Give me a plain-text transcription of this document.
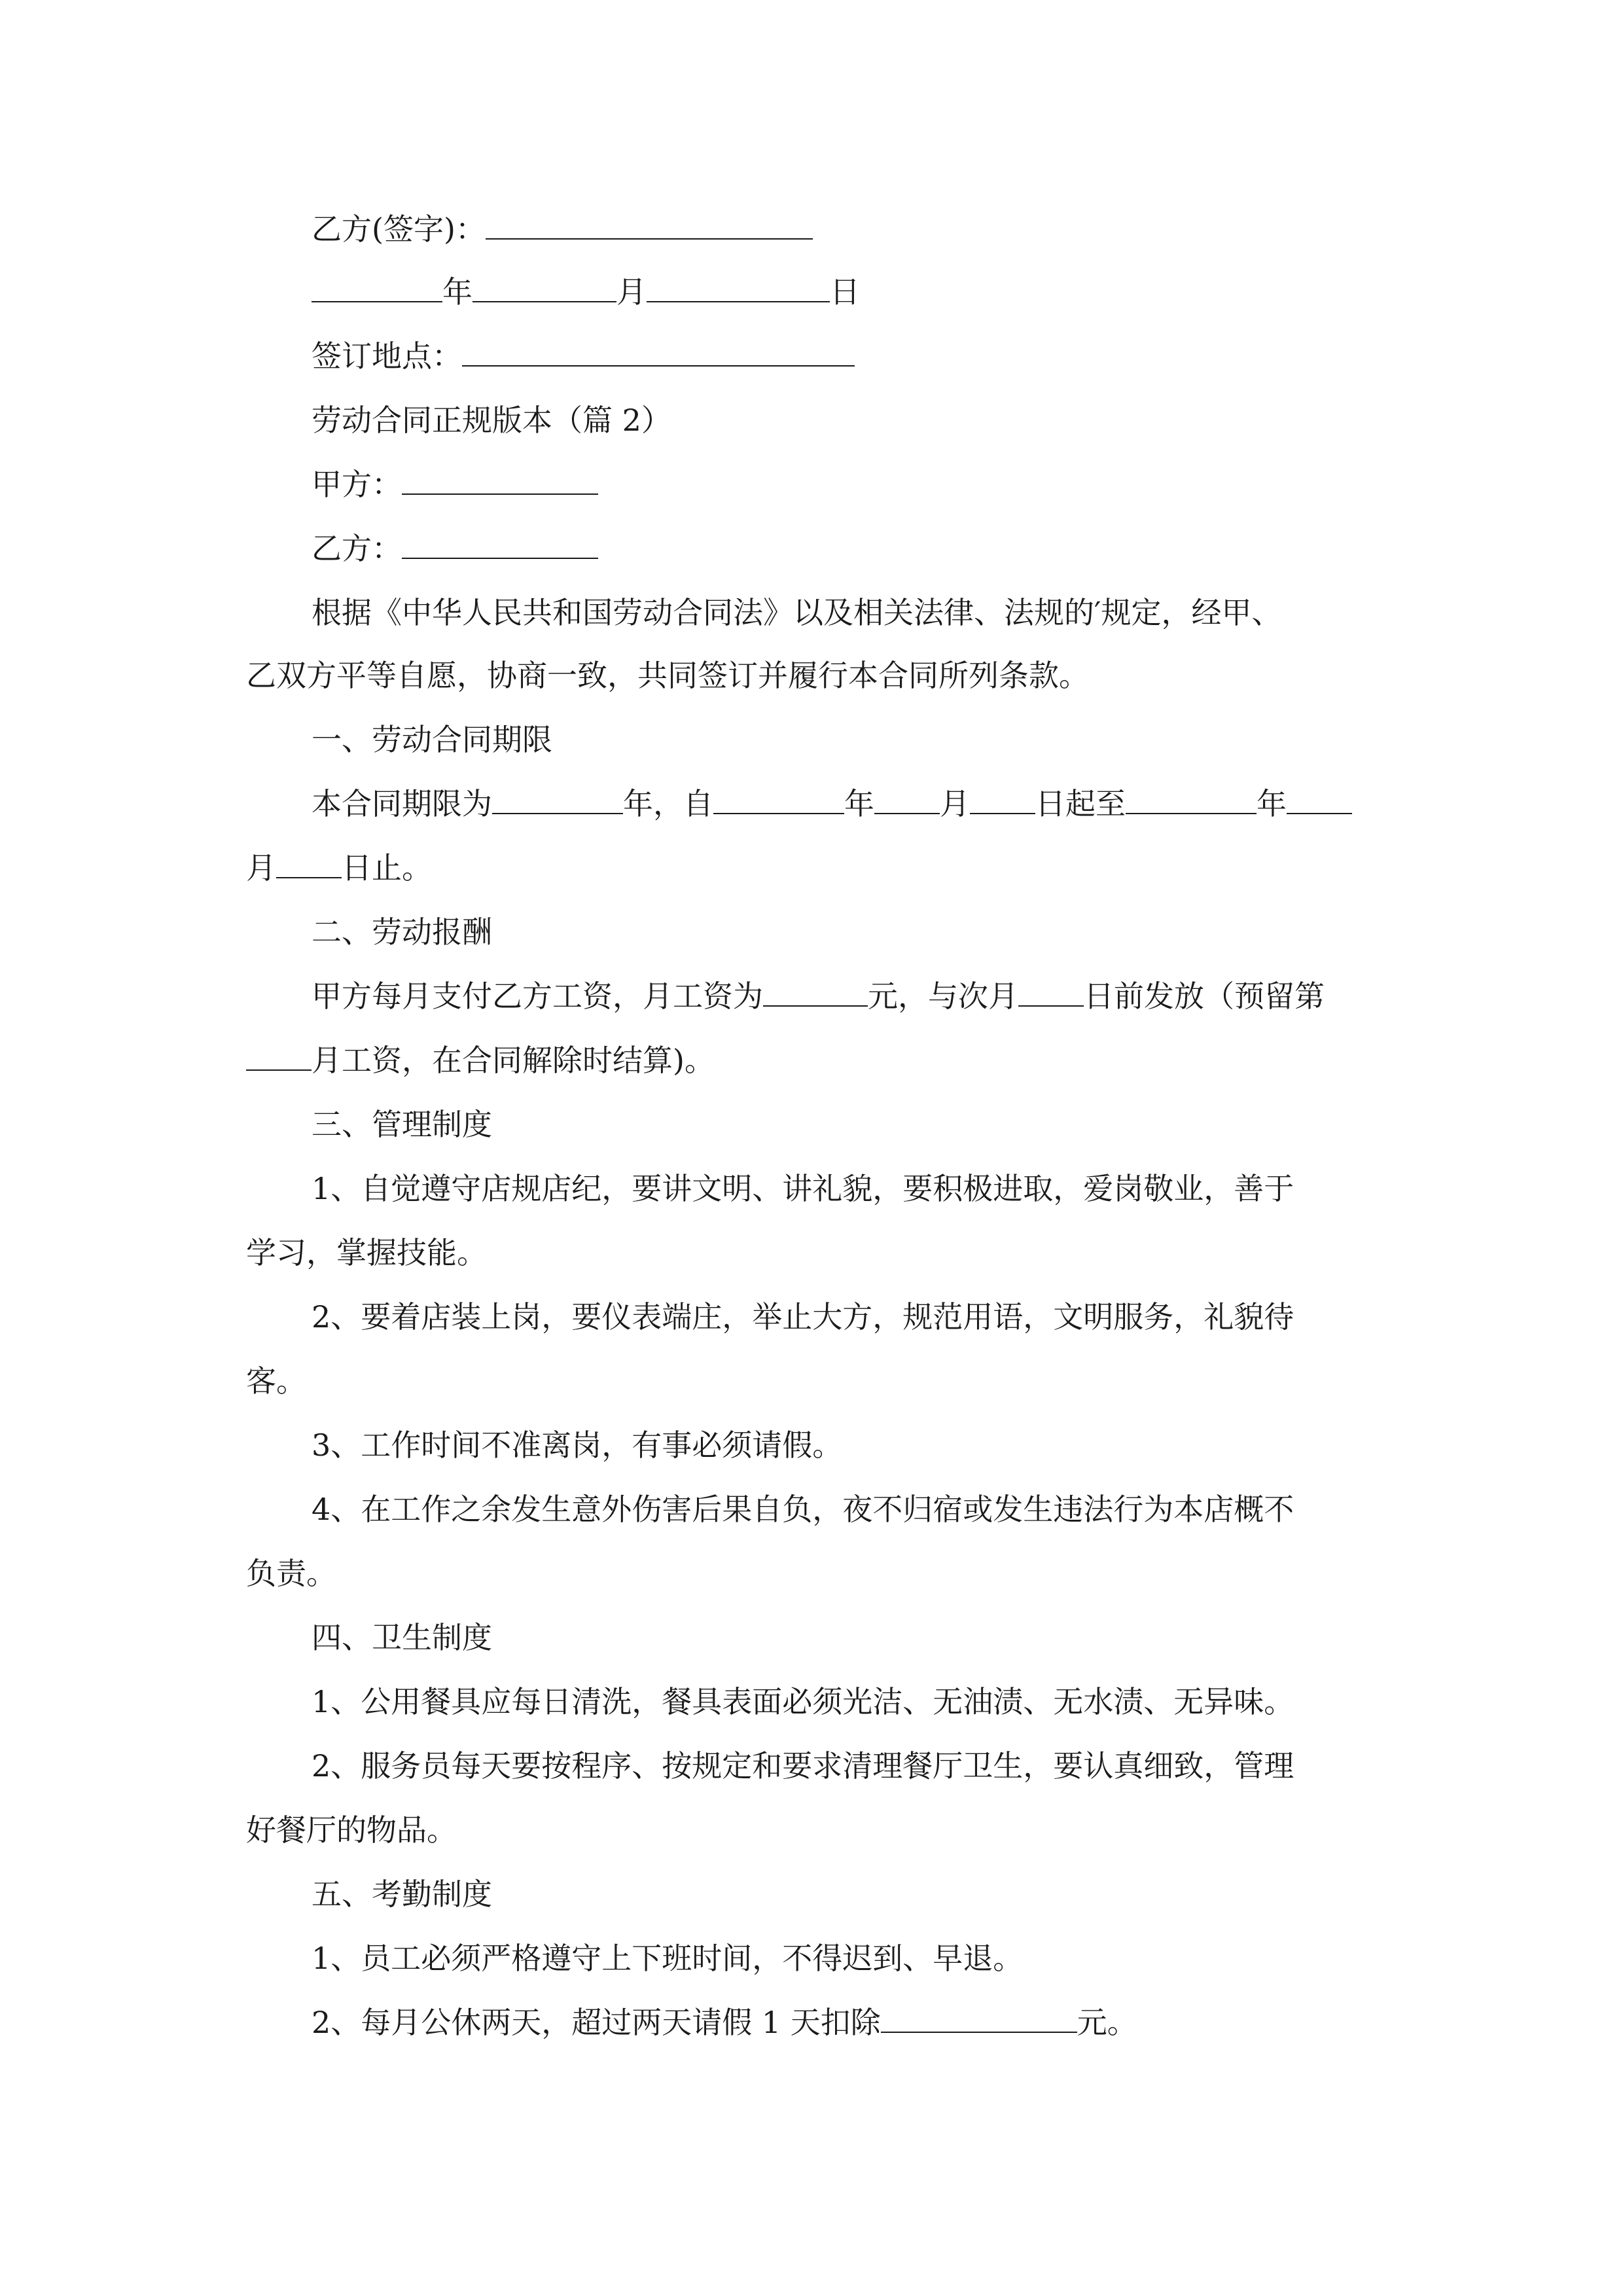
乙方(签字)：
年	月	日
签订地点：
劳动合同正规版本（篇 2）
甲方：
乙方：
根据《中华人民共和国劳动合同法》以及相关法律、法规的′规定，经甲、
乙双方平等自愿，协商一致，共同签订并履行本合同所列条款。
一、劳动合同期限
本合同期限为	年，自	年 月 日起至	年
月 日止。
二、劳动报酬
甲方每月支付乙方工资，月工资为	元，与次月 日前发放（预留第
月工资，在合同解除时结算)。
三、管理制度
1、自觉遵守店规店纪，要讲文明、讲礼貌，要积极进取，爱岗敬业，善于
学习，掌握技能。
2、要着店装上岗，要仪表端庄，举止大方，规范用语，文明服务，礼貌待
客。
3、工作时间不准离岗，有事必须请假。
4、在工作之余发生意外伤害后果自负，夜不归宿或发生违法行为本店概不
负责。
四、卫生制度
1、公用餐具应每日清洗，餐具表面必须光洁、无油渍、无水渍、无异味。
2、服务员每天要按程序、按规定和要求清理餐厅卫生，要认真细致，管理
好餐厅的物品。
五、考勤制度
1、员工必须严格遵守上下班时间，不得迟到、早退。
2、每月公休两天，超过两天请假 1 天扣除	元。
